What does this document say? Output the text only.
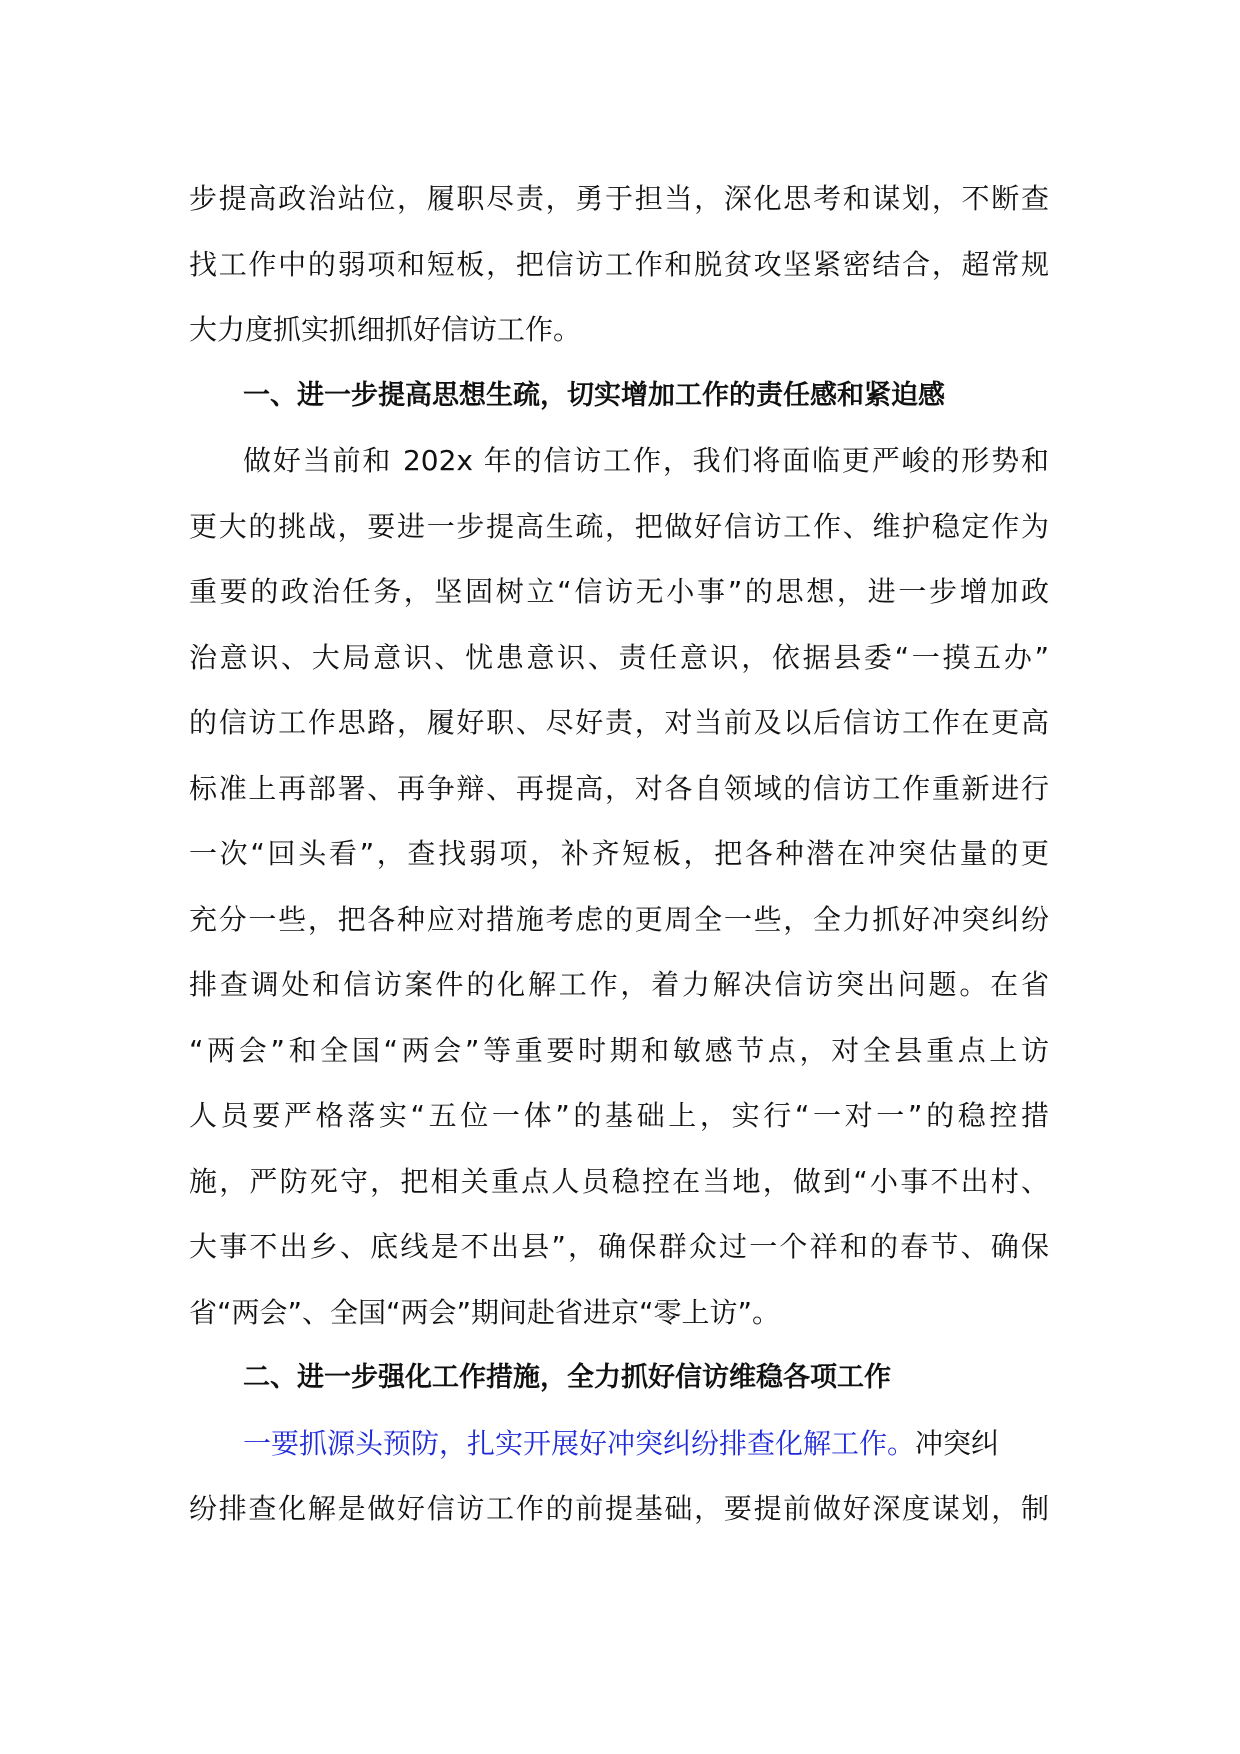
步提高政治站位，履职尽责，勇于担当，深化思考和谋划，不断查
找工作中的弱项和短板，把信访工作和脱贫攻坚紧密结合，超常规
大力度抓实抓细抓好信访工作。
一、进一步提高思想生疏，切实增加工作的责任感和紧迫感
做好当前和 202x 年的信访工作，我们将面临更严峻的形势和
更大的挑战，要进一步提高生疏，把做好信访工作、维护稳定作为
重要的政治任务，坚固树立“信访无小事”的思想，进一步增加政
治意识、大局意识、忧患意识、责任意识，依据县委“一摸五办”
的信访工作思路，履好职、尽好责，对当前及以后信访工作在更高
标准上再部署、再争辩、再提高，对各自领域的信访工作重新进行
一次“回头看”，查找弱项，补齐短板，把各种潜在冲突估量的更
充分一些，把各种应对措施考虑的更周全一些，全力抓好冲突纠纷
排查调处和信访案件的化解工作，着力解决信访突出问题。在省
“两会”和全国“两会”等重要时期和敏感节点，对全县重点上访
人员要严格落实“五位一体”的基础上，实行“一对一”的稳控措
施，严防死守，把相关重点人员稳控在当地，做到“小事不出村、
大事不出乡、底线是不出县”，确保群众过一个祥和的春节、确保
省“两会”、全国“两会”期间赴省进京“零上访”。
二、进一步强化工作措施，全力抓好信访维稳各项工作
一要抓源头预防，扎实开展好冲突纠纷排查化解工作。冲突纠
纷排查化解是做好信访工作的前提基础，要提前做好深度谋划，制
